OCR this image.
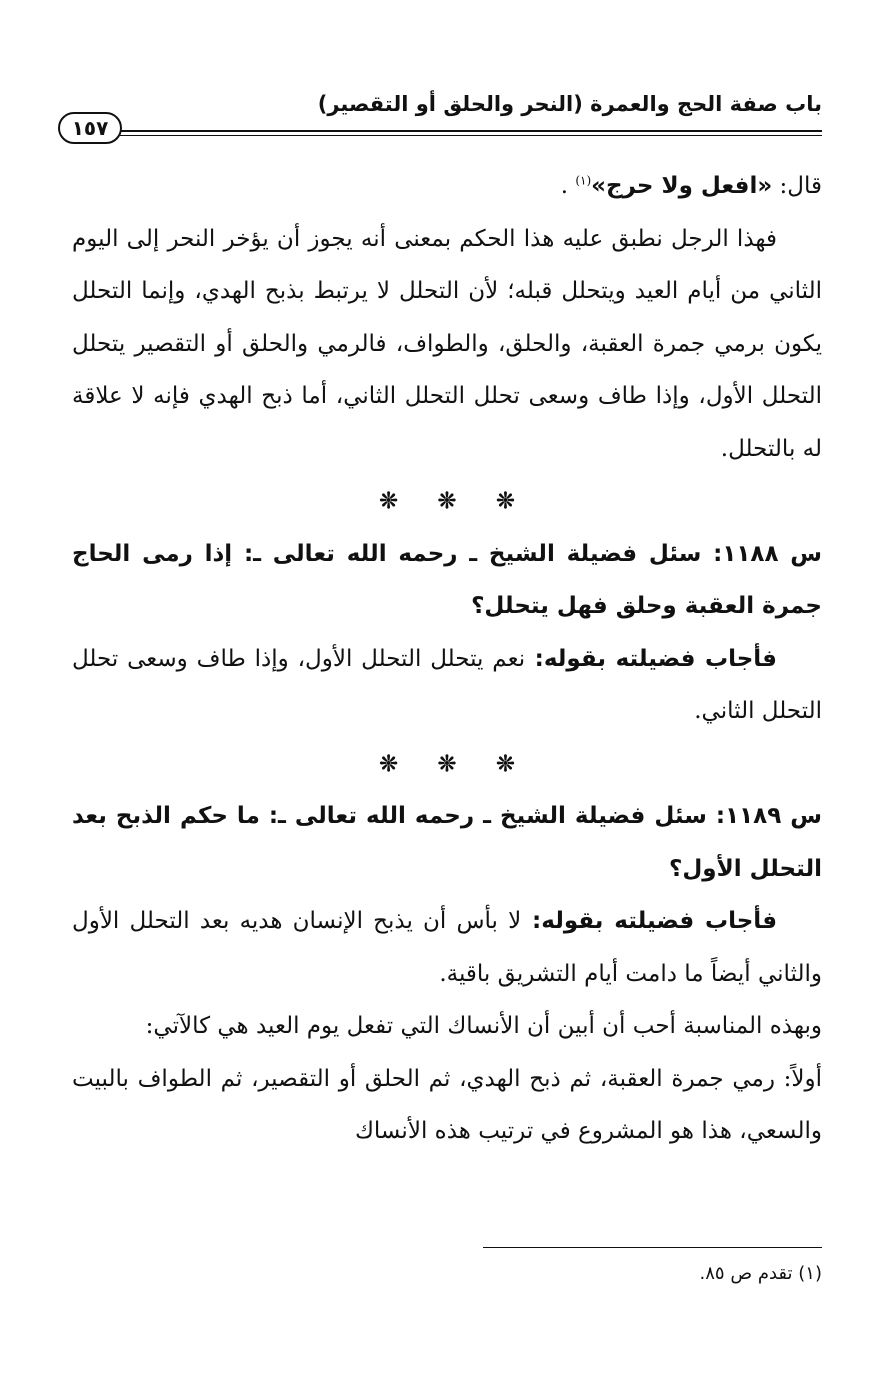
باب صفة الحج والعمرة (النحر والحلق أو التقصير)
١٥٧

قال: «افعل ولا حرج»$^{(١)}$ .

فهذا الرجل نطبق عليه هذا الحكم بمعنى أنه يجوز أن يؤخر النحر إلى اليوم الثاني من أيام العيد ويتحلل قبله؛ لأن التحلل لا يرتبط بذبح الهدي، وإنما التحلل يكون برمي جمرة العقبة، والحلق، والطواف، فالرمي والحلق أو التقصير يتحلل التحلل الأول، وإذا طاف وسعى تحلل التحلل الثاني، أما ذبح الهدي فإنه لا علاقة له بالتحلل.

❊ ❊ ❊

س ١١٨٨: سئل فضيلة الشيخ ـ رحمه الله تعالى ـ: إذا رمى الحاج جمرة العقبة وحلق فهل يتحلل؟

فأجاب فضيلته بقوله: نعم يتحلل التحلل الأول، وإذا طاف وسعى تحلل التحلل الثاني.

❊ ❊ ❊

س ١١٨٩: سئل فضيلة الشيخ ـ رحمه الله تعالى ـ: ما حكم الذبح بعد التحلل الأول؟

فأجاب فضيلته بقوله: لا بأس أن يذبح الإنسان هديه بعد التحلل الأول والثاني أيضاً ما دامت أيام التشريق باقية.

وبهذه المناسبة أحب أن أبين أن الأنساك التي تفعل يوم العيد هي كالآتي:

أولاً: رمي جمرة العقبة، ثم ذبح الهدي، ثم الحلق أو التقصير، ثم الطواف بالبيت والسعي، هذا هو المشروع في ترتيب هذه الأنساك

(١) تقدم ص ٨٥.
